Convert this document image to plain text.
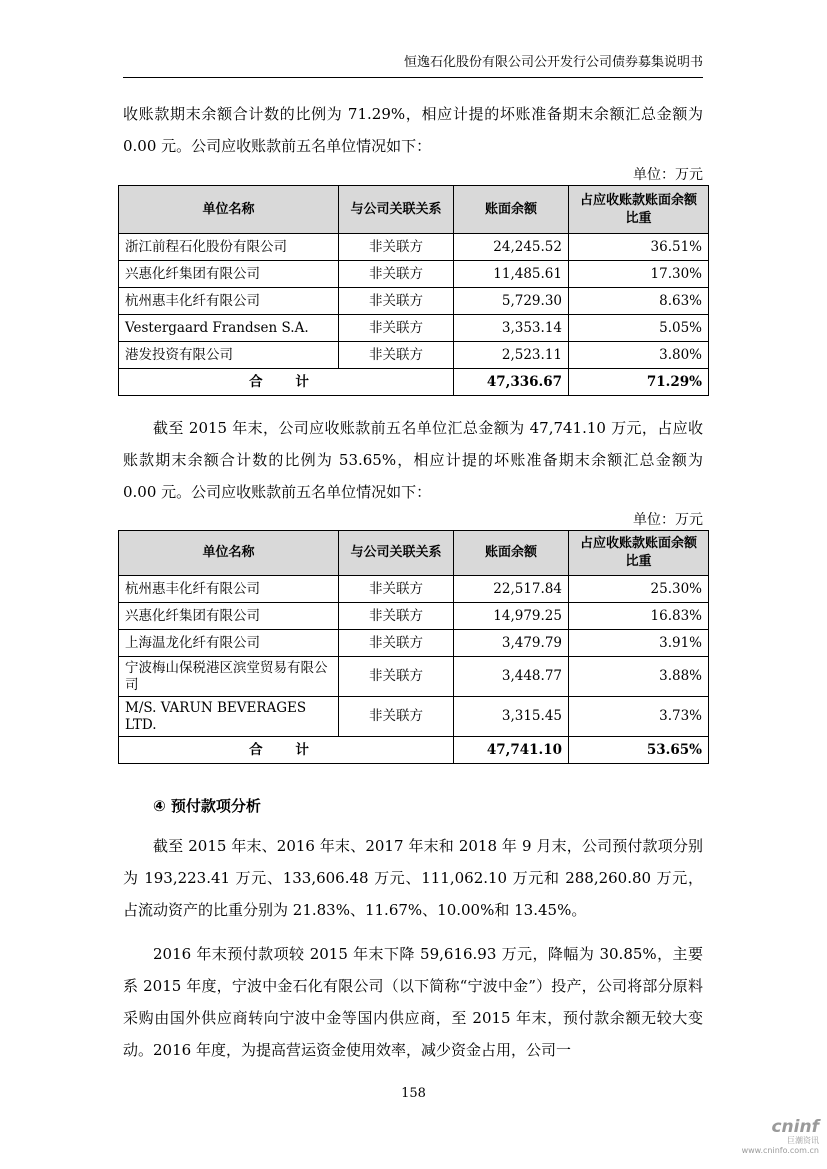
恒逸石化股份有限公司公开发行公司债券募集说明书
收账款期末余额合计数的比例为 71.29%，相应计提的坏账准备期末余额汇总金额为 0.00 元。公司应收账款前五名单位情况如下：
单位：万元
单位名称	与公司关联关系	账面余额	占应收账款账面余额比重
浙江前程石化股份有限公司	非关联方	24,245.52	36.51%
兴惠化纤集团有限公司	非关联方	11,485.61	17.30%
杭州惠丰化纤有限公司	非关联方	5,729.30	8.63%
Vestergaard Frandsen S.A.	非关联方	3,353.14	5.05%
港发投资有限公司	非关联方	2,523.11	3.80%
合 计		47,336.67	71.29%
截至 2015 年末，公司应收账款前五名单位汇总金额为 47,741.10 万元，占应收账款期末余额合计数的比例为 53.65%，相应计提的坏账准备期末余额汇总金额为 0.00 元。公司应收账款前五名单位情况如下：
单位：万元
单位名称	与公司关联关系	账面余额	占应收账款账面余额比重
杭州惠丰化纤有限公司	非关联方	22,517.84	25.30%
兴惠化纤集团有限公司	非关联方	14,979.25	16.83%
上海温龙化纤有限公司	非关联方	3,479.79	3.91%
宁波梅山保税港区滨堂贸易有限公司	非关联方	3,448.77	3.88%
M/S. VARUN BEVERAGES LTD.	非关联方	3,315.45	3.73%
合 计		47,741.10	53.65%
④ 预付款项分析
截至 2015 年末、2016 年末、2017 年末和 2018 年 9 月末，公司预付款项分别为 193,223.41 万元、133,606.48 万元、111,062.10 万元和 288,260.80 万元，占流动资产的比重分别为 21.83%、11.67%、10.00%和 13.45%。
2016 年末预付款项较 2015 年末下降 59,616.93 万元，降幅为 30.85%，主要系 2015 年度，宁波中金石化有限公司（以下简称“宁波中金”）投产，公司将部分原料采购由国外供应商转向宁波中金等国内供应商，至 2015 年末，预付款余额无较大变动。2016 年度，为提高营运资金使用效率，减少资金占用，公司一
158
cninf
巨潮资讯
www.cninfo.com.cn
